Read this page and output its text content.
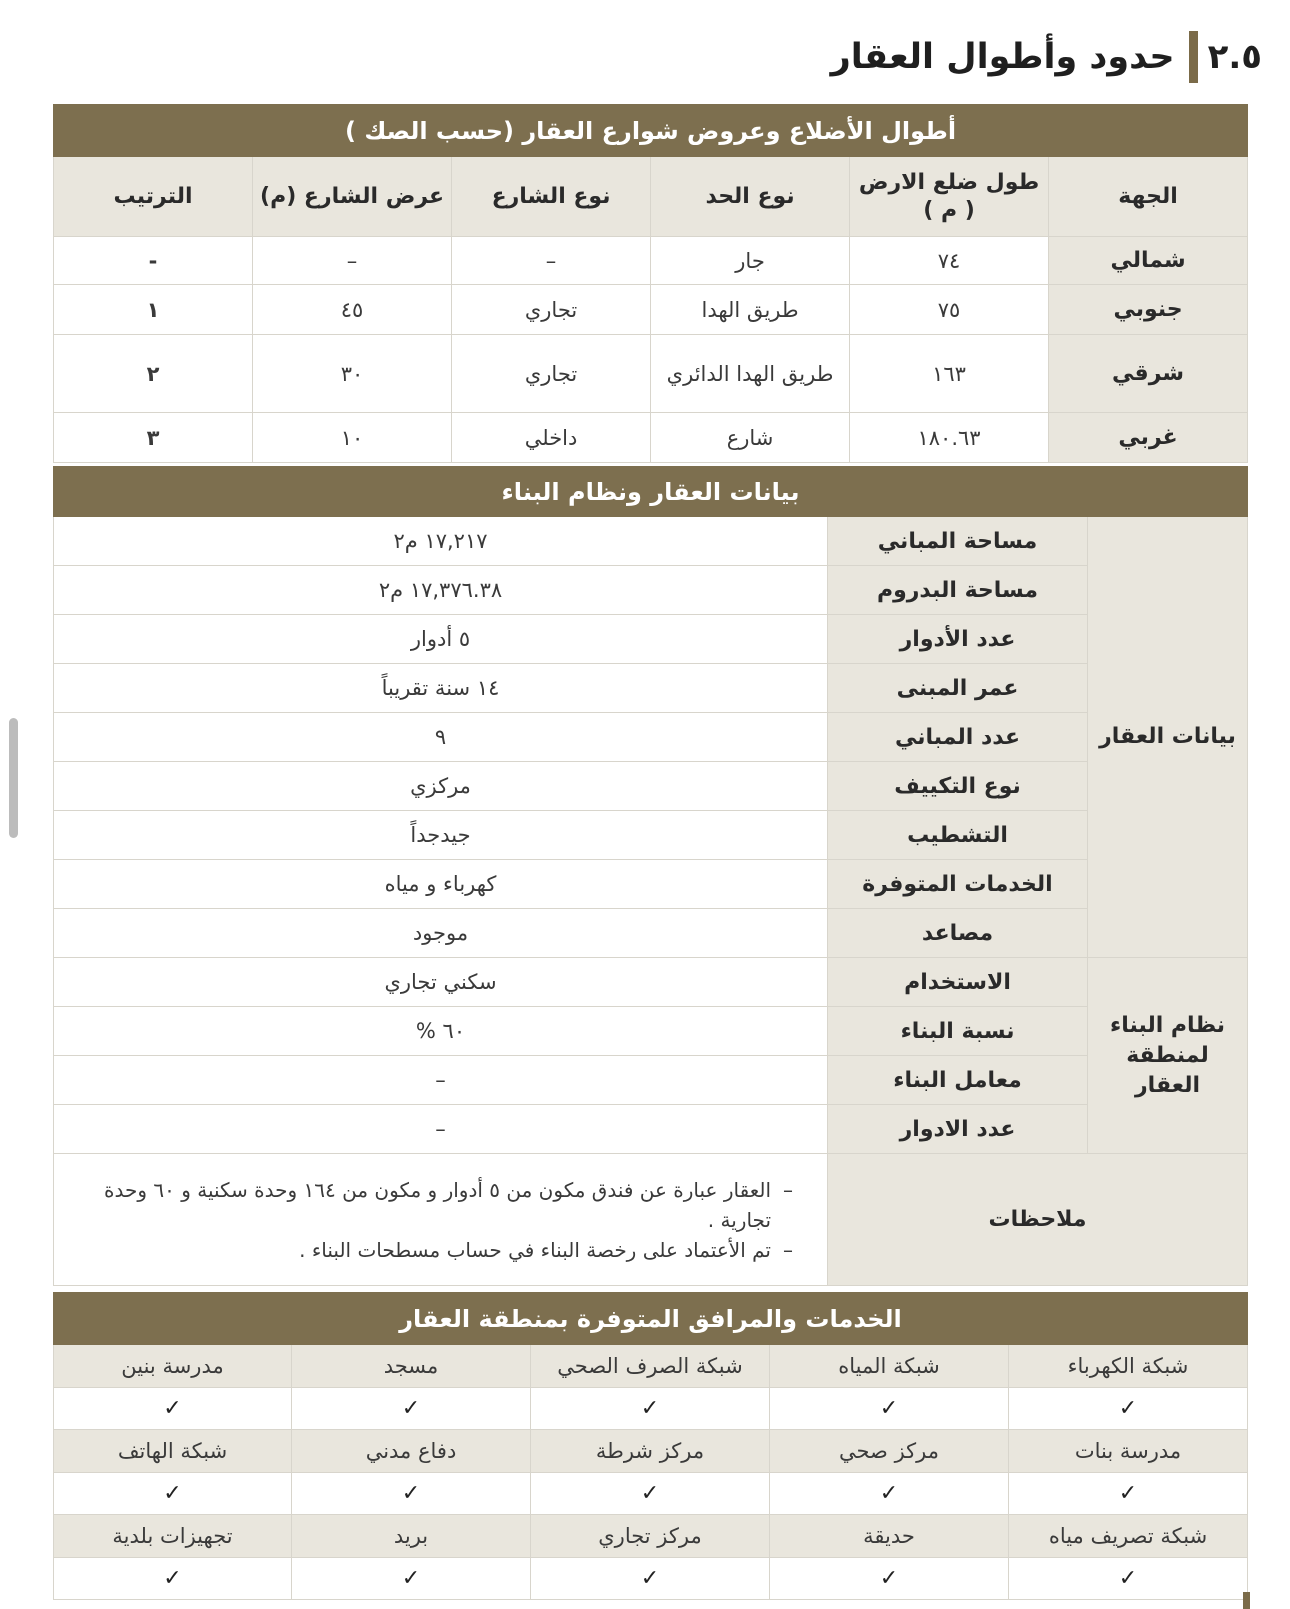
٢.٥
حدود وأطوال العقار
أطوال الأضلاع وعروض شوارع العقار (حسب الصك )					
الجهة	طول ضلع الارض ( م )	نوع الحد	نوع الشارع	عرض الشارع (م)	الترتيب
شمالي	٧٤	جار	–	–	-
جنوبي	٧٥	طريق الهدا	تجاري	٤٥	١
شرقي	١٦٣	طريق الهدا الدائري	تجاري	٣٠	٢
غربي	١٨٠.٦٣	شارع	داخلي	١٠	٣
بيانات العقار ونظام البناء		
بيانات العقار	مساحة المباني	١٧,٢١٧ م٢
	مساحة البدروم	١٧,٣٧٦.٣٨ م٢
	عدد الأدوار	٥ أدوار
	عمر المبنى	١٤ سنة تقريباً
	عدد المباني	٩
	نوع التكييف	مركزي
	التشطيب	جيدجداً
	الخدمات المتوفرة	كهرباء و مياه
	مصاعد	موجود
نظام البناء لمنطقة العقار	الاستخدام	سكني تجاري
	نسبة البناء	٦٠ %
	معامل البناء	–
	عدد الادوار	–
ملاحظات		–
العقار عبارة عن فندق مكون من ٥ أدوار و مكون من ١٦٤ وحدة سكنية و ٦٠ وحدة تجارية .
–
تم الأعتماد على رخصة البناء في حساب مسطحات البناء .
الخدمات والمرافق المتوفرة بمنطقة العقار				
شبكة الكهرباء	شبكة المياه	شبكة الصرف الصحي	مسجد	مدرسة بنين
✓	✓	✓	✓	✓
مدرسة بنات	مركز صحي	مركز شرطة	دفاع مدني	شبكة الهاتف
✓	✓	✓	✓	✓
شبكة تصريف مياه	حديقة	مركز تجاري	بريد	تجهيزات بلدية
✓	✓	✓	✓	✓
